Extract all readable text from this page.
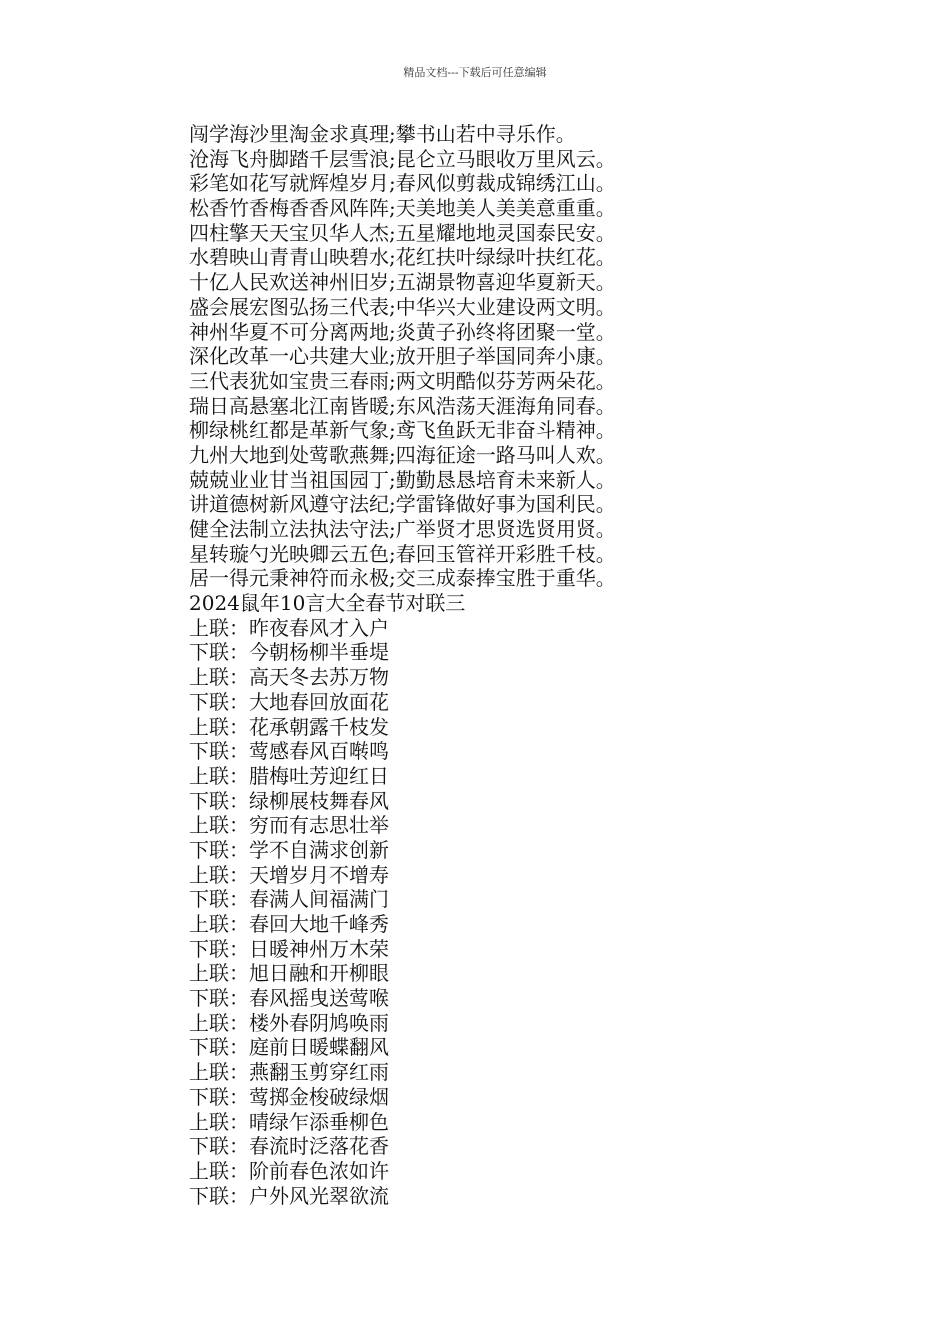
精品文档---下载后可任意编辑
闯学海沙里淘金求真理;攀书山若中寻乐作。
沧海飞舟脚踏千层雪浪;昆仑立马眼收万里风云。
彩笔如花写就辉煌岁月;春风似剪裁成锦绣江山。
松香竹香梅香香风阵阵;天美地美人美美意重重。
四柱擎天天宝贝华人杰;五星耀地地灵国泰民安。
水碧映山青青山映碧水;花红扶叶绿绿叶扶红花。
十亿人民欢送神州旧岁;五湖景物喜迎华夏新天。
盛会展宏图弘扬三代表;中华兴大业建设两文明。
神州华夏不可分离两地;炎黄子孙终将团聚一堂。
深化改革一心共建大业;放开胆子举国同奔小康。
三代表犹如宝贵三春雨;两文明酷似芬芳两朵花。
瑞日高悬塞北江南皆暖;东风浩荡天涯海角同春。
柳绿桃红都是革新气象;鸢飞鱼跃无非奋斗精神。
九州大地到处莺歌燕舞;四海征途一路马叫人欢。
兢兢业业甘当祖国园丁;勤勤恳恳培育未来新人。
讲道德树新风遵守法纪;学雷锋做好事为国利民。
健全法制立法执法守法;广举贤才思贤选贤用贤。
星转璇勺光映卿云五色;春回玉管祥开彩胜千枝。
居一得元秉神符而永极;交三成泰捧宝胜于重华。
2024鼠年10言大全春节对联三
上联：昨夜春风才入户
下联：今朝杨柳半垂堤
上联：高天冬去苏万物
下联：大地春回放面花
上联：花承朝露千枝发
下联：莺感春风百啭鸣
上联：腊梅吐芳迎红日
下联：绿柳展枝舞春风
上联：穷而有志思壮举
下联：学不自满求创新
上联：天增岁月不增寿
下联：春满人间福满门
上联：春回大地千峰秀
下联：日暖神州万木荣
上联：旭日融和开柳眼
下联：春风摇曳送莺喉
上联：楼外春阴鸠唤雨
下联：庭前日暖蝶翻风
上联：燕翻玉剪穿红雨
下联：莺掷金梭破绿烟
上联：晴绿乍添垂柳色
下联：春流时泛落花香
上联：阶前春色浓如许
下联：户外风光翠欲流
